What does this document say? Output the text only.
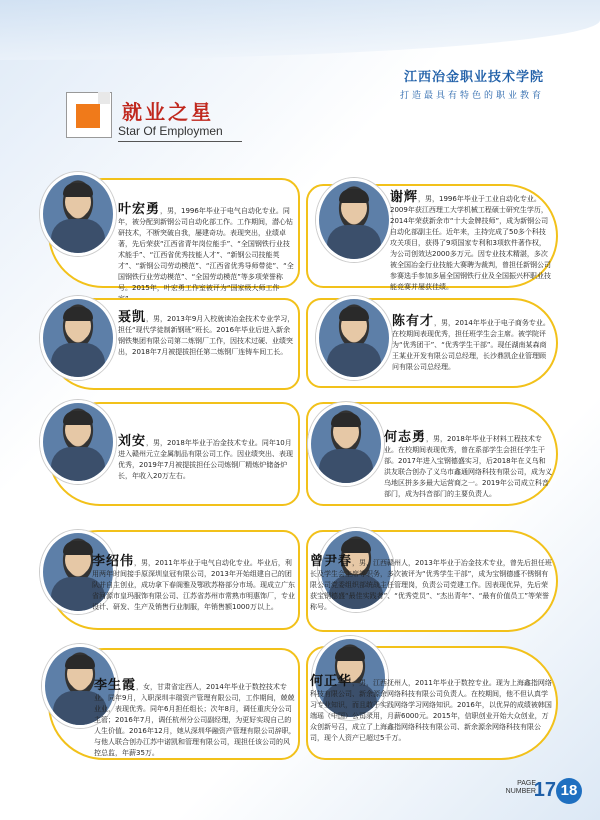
江西冶金职业技术学院
打造最具有特色的职业教育
就业之星
Star Of Employmen
叶宏勇，男，1996年毕业于电气自动化专业。同年，被分配到新钢公司自动化部工作。工作期间，潜心钻研技术，不断突破自我，屡建奇功。表现突出，业绩卓著，先后荣获“江西省青年岗位能手”、“全国钢铁行业技术能手”、“江西省优秀技能人才”、“新钢公司技能英才”、“新钢公司劳动模范”、“江西省优秀导师带徒”、“全国钢铁行业劳动模范”、“全国劳动模范”等多项荣誉称号。2015年，叶宏勇工作室被评为“国家级大师工作
谢辉，男，1996年毕业于工业自动化专业。2009年获江西理工大学机械工程硕士研究生学历，2014年荣获新余市“十大金牌技师”，成为新钢公司自动化部副主任。近年来，主持完成了50多个科技攻关项目，获得了9项国家专利和3项软件著作权，为公司创效达2000多万元。因专业技术精湛，多次被全国冶金行业技能大赛聘为裁判，曾担任新钢公司参赛选手参加多届全国钢铁行业及全国振兴杯职业技能竞赛并屡获佳绩。
聂凯，男，2013年9月入校就读冶金技术专业学习，担任“现代学徒制新钢班”班长。2016年毕业后进入新余钢铁集团有限公司第二炼钢厂工作，因技术过硬、业绩突出，2018年7月被提拔担任第二炼钢厂连铸车间工长。
陈有才，男，2014年毕业于电子商务专业。在校期间表现优秀，担任班学生会主席。被学院评为“优秀团干”、“优秀学生干部”。现任湖南某森商王某业开发有限公司总经理，长沙鼎凯企业管理顾问有限公司总经理。
刘安，男，2018年毕业于冶金技术专业。同年10月进入赣州元立金属制品有限公司工作。因业绩突出、表现优秀，2019年7月被提拔担任公司炼钢厂精炼炉储备炉长，年收入20万左右。
何志勇，男，2018年毕业于材料工程技术专业。在校期间表现优秀，曾在系部学生会担任学生干部。2017年进入宝钢德盛实习，后2018年在义乌和洪友联合创办了义乌市鑫通网络科技有限公司，成为义乌地区拼多多最大运营商之一。2019年公司成立科音部门，成为抖音部门的主要负责人。
李绍伟，男，2011年毕业于电气自动化专业。毕业后，利用两年时间接手原深圳皇冠有限公司，2013年开始组建自己的团队并自主创业，成功拿下春阁雅及鄂欧苏格部分市场。现成立广东省河源市皇玛服饰有限公司、江苏省苏州市常熟市明惠饰厂，专业设计、研发、生产及销售行业制服，年销售额1000万以上。
曾尹春，男，江西赣州人，2013年毕业于冶金技术专业，曾先后担任班长及学生会主席等职务，多次被评为“优秀学生干部”，成为宝钢德盛不锈钢有限公司党委组织部统战主任管理岗，负责公司党建工作。因表现优异，先后荣获宝钢德盛“最佳实践者”、“优秀党员”、“杰出青年”、“最有价值员工”等荣誉称号。
李生霞，女，甘肃省定西人，2014年毕业于数控技术专业。同年9月，入职深圳丰瑞资产管理有限公司，工作期间，兢兢业业，表现优秀。同年6月担任组长；次年8月，调任重庆分公司主管；2016年7月，调任杭州分公司副经理，为更好实现自己的人生价值。2016年12月，她从深圳华融资产管理有限公司辞职，与他人联合创办江苏中诺凯和管理有限公司，现担任该公司的风控总监，年薪35万。
何正华，男，江西抚州人，2011年毕业于数控专业。现为上海鑫指网络科技有限公司、新余源余网络科技有限公司负责人。在校期间，他不但认真学习专业知识，而且敢于实践网络学习网络知识。2016年，以优异的成绩被韩国端瑶（中国）公司录用，月薪6000元。2015年，信职创业开始大众创业，万众创新号召，成立了上海鑫指网络科技有限公司、新余源余网络科技有限公司，现个人资产已超过5千万。
PAGE
NUMBER
17 18
